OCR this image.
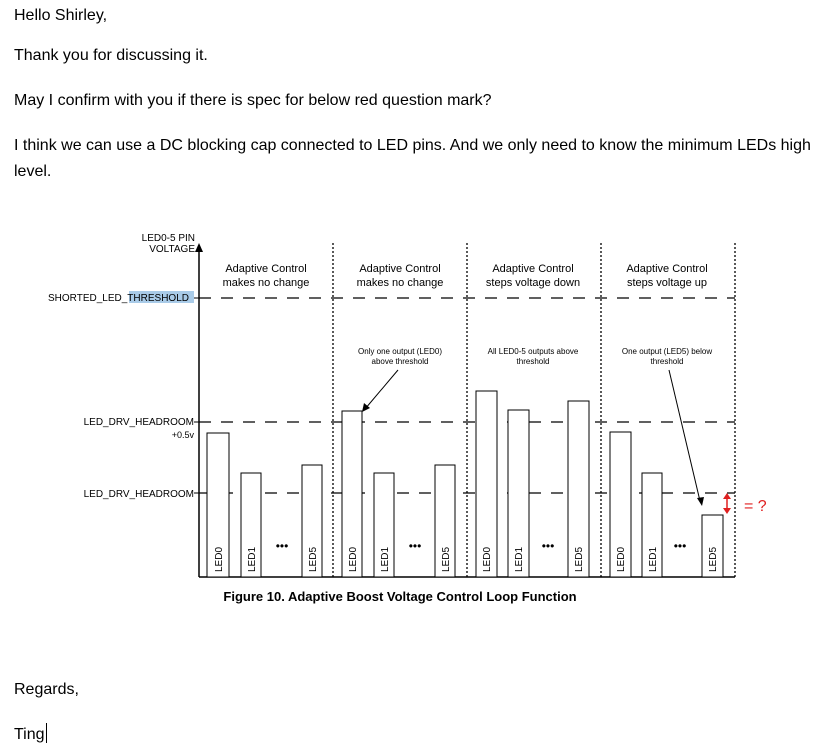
Hello Shirley,

Thank you for discussing it.

May I confirm with you if there is spec for below red question mark?

I think we can use a DC blocking cap connected to LED pins. And we only need to know the minimum LEDs high level.

LED0-5 PIN
VOLTAGE
SHORTED_LED_THRESHOLD
LED_DRV_HEADROOM
+0.5v
LED_DRV_HEADROOM
Adaptive Control
makes no change
LED0 LED1	LED5
•••
Adaptive Control
makes no change
Only one output (LED0)
above threshold
LED0 LED1	LED5
•••
Adaptive Control
steps voltage down
All LED0-5 outputs above
threshold
LED0 LED1	LED5
•••
Adaptive Control
steps voltage up
One output (LED5) below
threshold
LED0 LED1	LED5
•••
= ?
Figure 10. Adaptive Boost Voltage Control Loop Function

Regards,

Ting
